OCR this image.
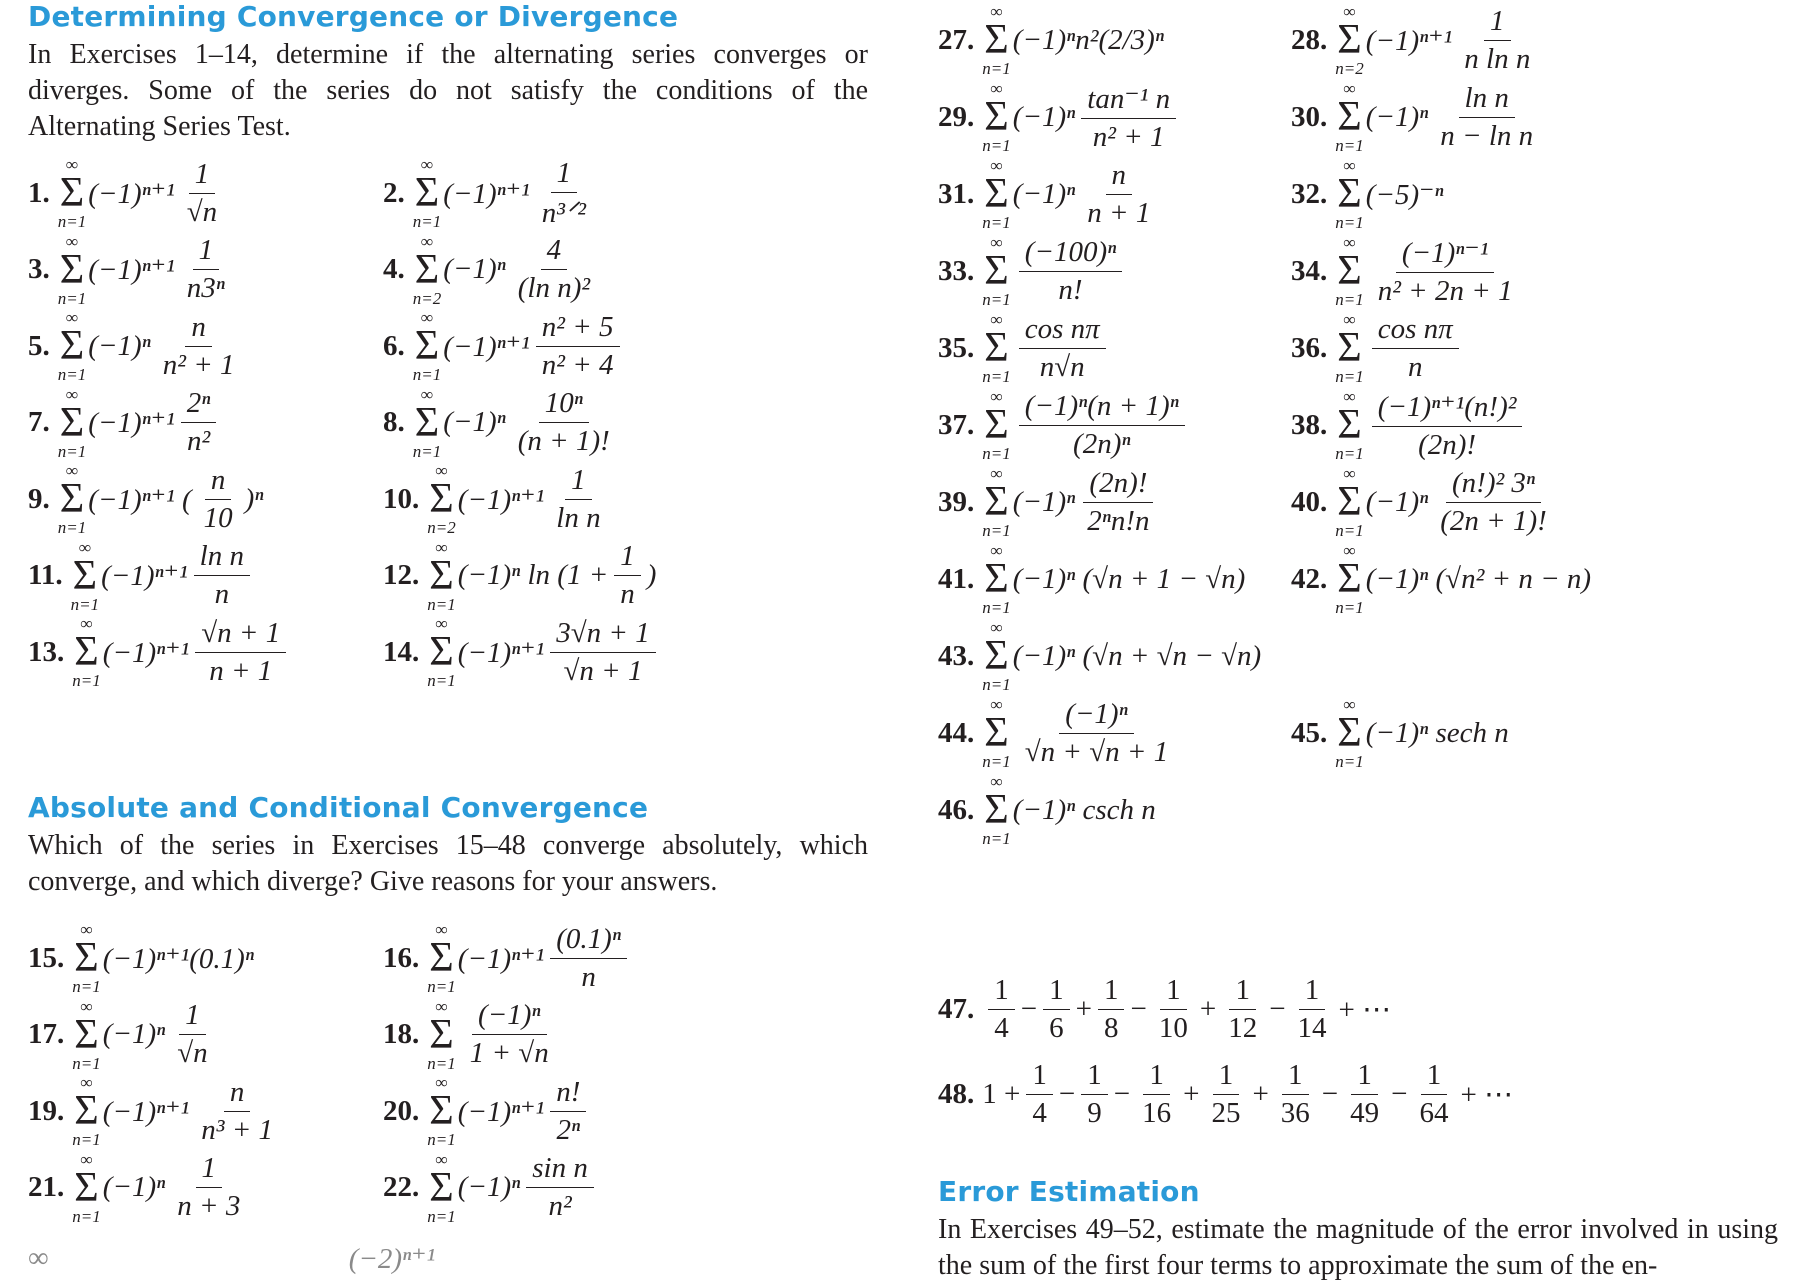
Determining Convergence or Divergence

In Exercises 1–14, determine if the alternating series converges or diverges. Some of the series do not satisfy the conditions of the Alternating Series Test.

1.
∞
Σ
n=1
$(-1)^{n+1} \frac{1}{√n}$	2.
∞
Σ
n=1
$(-1)^{n+1} \frac{1}{\text{n³ᐟ²}}$
3.
∞
Σ
n=1
$(-1)^{n+1} \frac{1}{\text{n3ⁿ}}$	4.
∞
Σ
n=2
$(-1)^n \frac{4}{\text{(ln n)²}}$
5.
∞
Σ
n=1
$(-1)^n \frac{n}{\text{n² + 1}}$	6.
∞
Σ
n=1
$(-1)^{n+1} \frac{\text{n² + 5}}{\text{n² + 4}}$
7.
∞
Σ
n=1
$(-1)^{n+1} \frac{\text{2ⁿ}}{\text{n²}}$	8.
∞
Σ
n=1
$(-1)^n \frac{\text{10ⁿ}}{(n + 1)!}$
9.
∞
Σ
n=1
(−1)ⁿ⁺¹ ( $\frac{n}{10} )^n$	10.
∞
Σ
n=2
$(-1)^{n+1} \frac{1}{\text{ln n}}$
11.
∞
Σ
n=1
$(-1)^{n+1} \frac{\text{ln n}}{n}$	12.
∞
Σ
n=1
(−1)ⁿ $\ln (1 + \frac{1}{n}$ )
13.
∞
Σ
n=1
$(-1)^{n+1} \frac{√n + 1}{n + 1}$	14.
∞
Σ
n=1
$(-1)^{n+1} \frac{3√n + 1}{√n + 1}$
Absolute and Conditional Convergence

Which of the series in Exercises 15–48 converge absolutely, which converge, and which diverge? Give reasons for your answers.

15.
∞
Σ
n=1
(−1)ⁿ⁺¹(0.1)ⁿ	16.
∞
Σ
n=1
$(-1)^{n+1} \frac{\text{(0.1)ⁿ}}{n}$
17.
∞
Σ
n=1
$(-1)^n \frac{1}{√n}$	18.
∞
Σ
$n=1 \frac{\text{(−1)ⁿ}}{1 + √n}$
19.
∞
Σ
n=1
$(-1)^{n+1} \frac{n}{\text{n³ + 1}}$	20.
∞
Σ
n=1
$(-1)^{n+1} \frac{n!}{\text{2ⁿ}}$
21.
∞
Σ
n=1
$(-1)^n \frac{1}{n + 3}$	22.
∞
Σ
n=1
$(-1)^n \frac{\text{sin n}}{\text{n²}}$
∞	(−2)ⁿ⁺¹
27.
∞
Σ
n=1
(−1)ⁿn²(2/3)ⁿ	28.
∞
Σ
n=2
$(-1)^{n+1} \frac{1}{\text{n ln n}}$
29.
∞
Σ
n=1
$(-1)^n \frac{\text{tan⁻¹ n}}{\text{n² + 1}}$	30.
∞
Σ
n=1
$(-1)^n \frac{\text{ln n}}{\text{n − ln n}}$
31.
∞
Σ
n=1
$(-1)^n \frac{n}{n + 1}$	32.
∞
Σ
n=1
(−5)⁻ⁿ
33.
∞
Σ
$n=1 \frac{\text{(−100)ⁿ}}{n!}$	34.
∞
Σ
$n=1 \frac{\text{(−1)ⁿ⁻¹}}{\text{n² + 2n + 1}}$
35.
∞
Σ
$n=1 \frac{\text{cos nπ}}{n√n}$	36.
∞
Σ
$n=1 \frac{\text{cos nπ}}{n}$
37.
∞
Σ
$n=1 \frac{\text{(−1)ⁿ(n + 1)ⁿ}}{\text{(2n)ⁿ}}$	38.
∞
Σ
$n=1 \frac{\text{(−1)ⁿ⁺¹(n!)²}}{(2n)!}$
39.
∞
Σ
n=1
$(-1)^n \frac{(2n)!}{\text{2ⁿn!n}}$	40.
∞
Σ
n=1
$(-1)^n \frac{\text{(n!)² 3ⁿ}}{(2n + 1)!}$
41.
∞
Σ
n=1
(−1)ⁿ (√n + 1 − √n) 42.
∞
Σ
n=1
(−1)ⁿ (√n² + n − n)
43.
∞
Σ
n=1
(−1)ⁿ (√n + √n − √n)
44.
∞
Σ
$n=1 \frac{\text{(−1)ⁿ}}{√n + √n + 1}$	45.
∞
Σ
n=1
(−1)ⁿ sech n
46.
∞
Σ
n=1
(−1)ⁿ csch n
47. $\frac{1}{4} - \frac{1}{6} + \frac{1}{8} - \frac{1}{10} + \frac{1}{12} - \frac{1}{14}$ + ⋯
48. $1 + \frac{1}{4} - \frac{1}{9} - \frac{1}{16} + \frac{1}{25} + \frac{1}{36} - \frac{1}{49} - \frac{1}{64}$ + ⋯
Error Estimation

In Exercises 49–52, estimate the magnitude of the error involved in using the sum of the first four terms to approximate the sum of the en-
